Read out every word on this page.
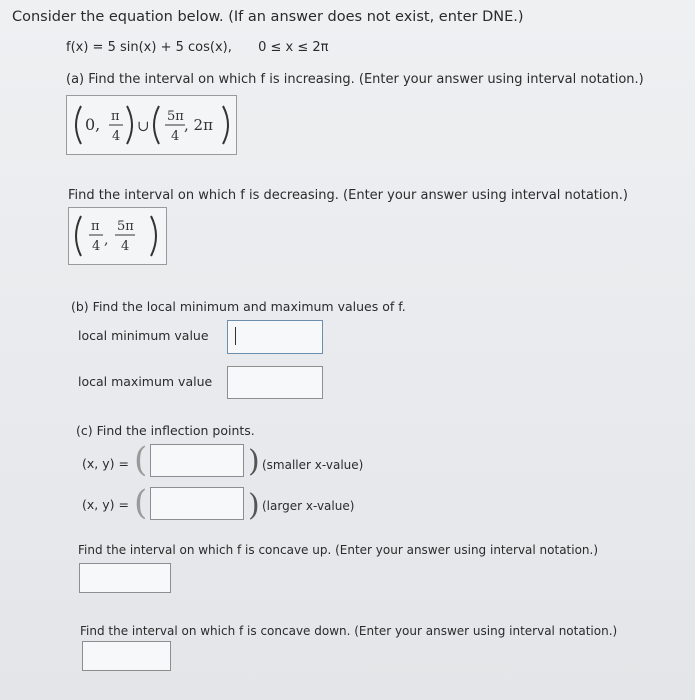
Consider the equation below. (If an answer does not exist, enter DNE.)
f(x) = 5 sin(x) + 5 cos(x), 0 ≤ x ≤ 2π
(a) Find the interval on which f is increasing. (Enter your answer using interval notation.)
0, π
4
∪
5π
4
, 2π
Find the interval on which f is decreasing. (Enter your answer using interval notation.)
π
4 ,
5π
4
(b) Find the local minimum and maximum values of f.
local minimum value
local maximum value
(c) Find the inflection points.
(x, y) = (	) (smaller x-value)
(x, y) = (	) (larger x-value)
Find the interval on which f is concave up. (Enter your answer using interval notation.)
Find the interval on which f is concave down. (Enter your answer using interval notation.)
